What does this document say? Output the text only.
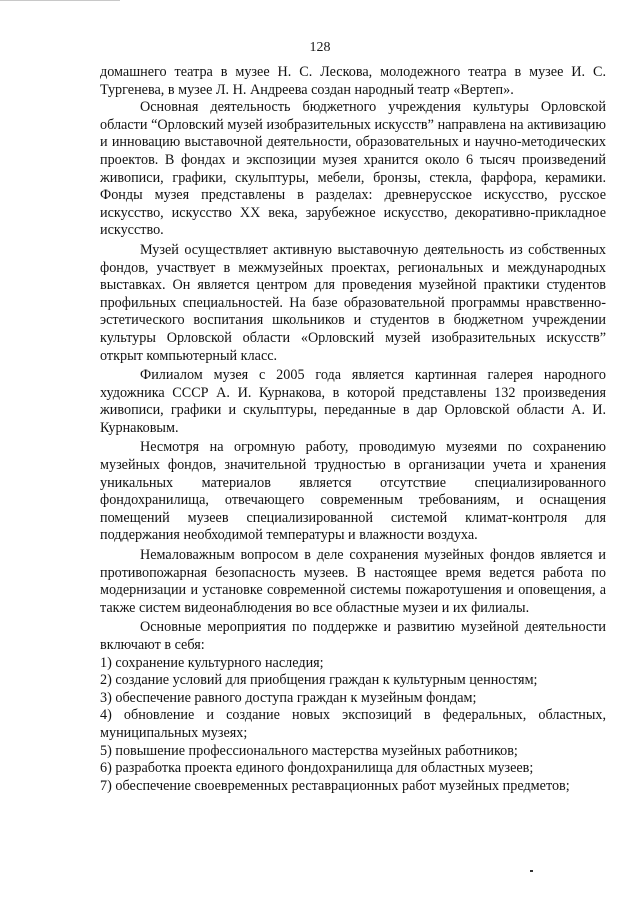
128

домашнего театра в музее Н. С. Лескова, молодежного театра в музее И. С. Тургенева, в музее Л. Н. Андреева создан народный театр «Вертеп».

Основная деятельность бюджетного учреждения культуры Орловской области “Орловский музей изобразительных искусств” направлена на активизацию и инновацию выставочной деятельности, образовательных и научно-методических проектов. В фондах и экспозиции музея хранится около 6 тысяч произведений живописи, графики, скульптуры, мебели, бронзы, стекла, фарфора, керамики. Фонды музея представлены в разделах: древнерусское искусство, русское искусство, искусство XX века, зарубежное искусство, декоративно-прикладное искусство.

Музей осуществляет активную выставочную деятельность из собственных фондов, участвует в межмузейных проектах, региональных и международных выставках. Он является центром для проведения музейной практики студентов профильных специальностей. На базе образовательной программы нравственно-эстетического воспитания школьников и студентов в бюджетном учреждении культуры Орловской области «Орловский музей изобразительных искусств” открыт компьютерный класс.

Филиалом музея с 2005 года является картинная галерея народного художника СССР А. И. Курнакова, в которой представлены 132 произведения живописи, графики и скульптуры, переданные в дар Орловской области А. И. Курнаковым.

Несмотря на огромную работу, проводимую музеями по сохранению музейных фондов, значительной трудностью в организации учета и хранения уникальных материалов является отсутствие специализированного фондохранилища, отвечающего современным требованиям, и оснащения помещений музеев специализированной системой климат-контроля для поддержания необходимой температуры и влажности воздуха.

Немаловажным вопросом в деле сохранения музейных фондов является и противопожарная безопасность музеев. В настоящее время ведется работа по модернизации и установке современной системы пожаротушения и оповещения, а также систем видеонаблюдения во все областные музеи и их филиалы.

Основные мероприятия по поддержке и развитию музейной деятельности включают в себя:

1) сохранение культурного наследия;

2) создание условий для приобщения граждан к культурным ценностям;

3) обеспечение равного доступа граждан к музейным фондам;

4) обновление и создание новых экспозиций в федеральных, областных, муниципальных музеях;

5) повышение профессионального мастерства музейных работников;

6) разработка проекта единого фондохранилища для областных музеев;

7) обеспечение своевременных реставрационных работ музейных предметов;
